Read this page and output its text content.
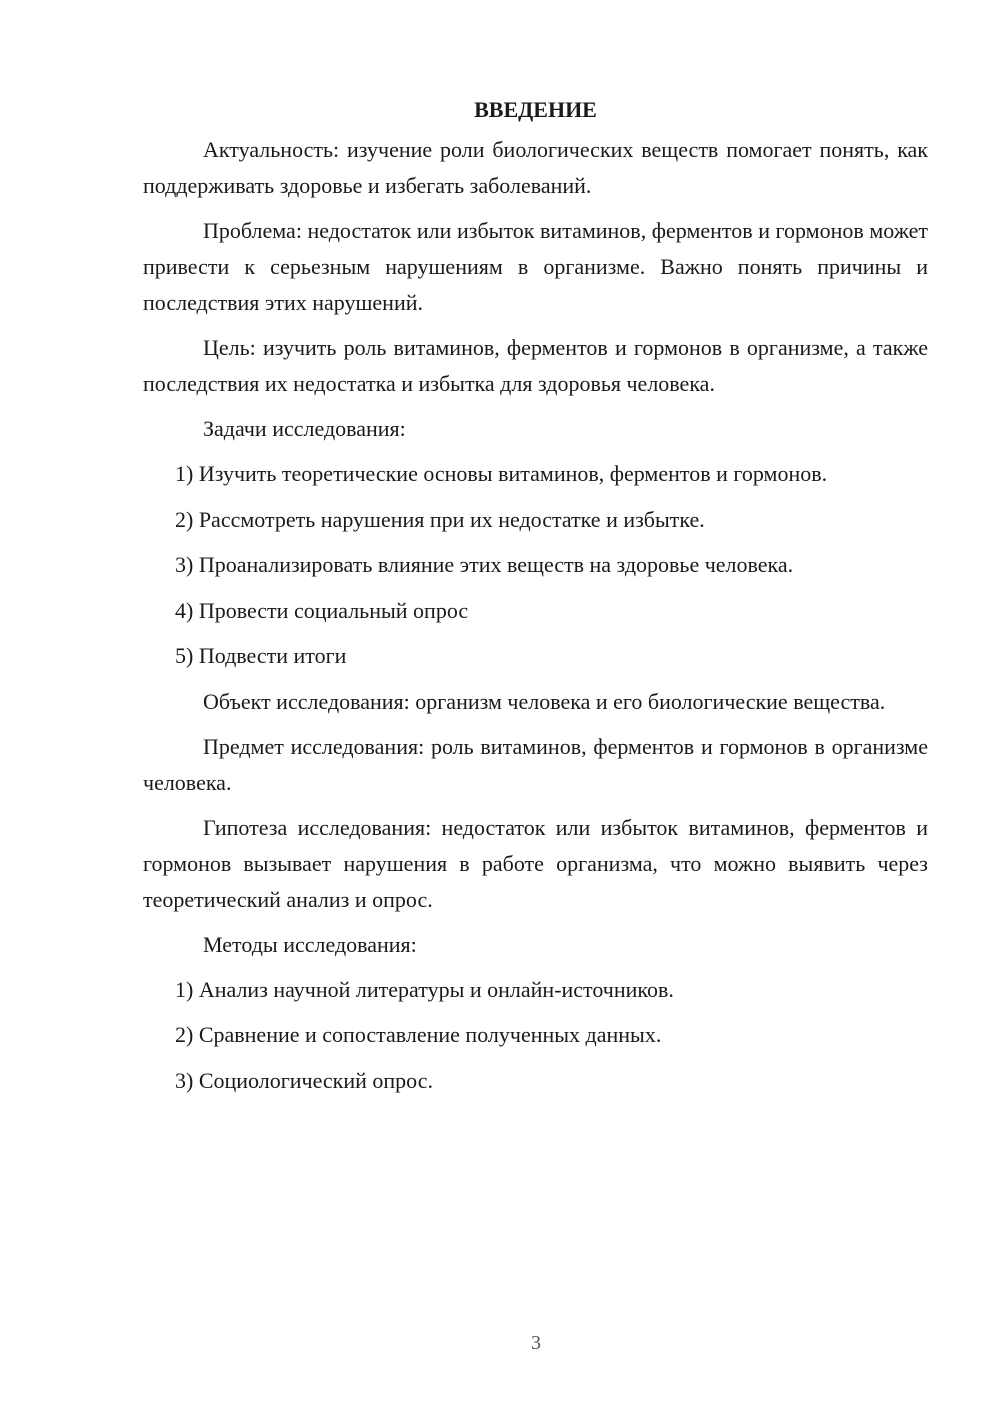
ВВЕДЕНИЕ

Актуальность: изучение роли биологических веществ помогает понять, как поддерживать здоровье и избегать заболеваний.

Проблема: недостаток или избыток витаминов, ферментов и гормонов может привести к серьезным нарушениям в организме. Важно понять причины и последствия этих нарушений.

Цель: изучить роль витаминов, ферментов и гормонов в организме, а также последствия их недостатка и избытка для здоровья человека.

Задачи исследования:

1) Изучить теоретические основы витаминов, ферментов и гормонов.
2) Рассмотреть нарушения при их недостатке и избытке.
3) Проанализировать влияние этих веществ на здоровье человека.
4) Провести социальный опрос
5) Подвести итоги

Объект исследования: организм человека и его биологические вещества.

Предмет исследования: роль витаминов, ферментов и гормонов в организме человека.

Гипотеза исследования: недостаток или избыток витаминов, ферментов и гормонов вызывает нарушения в работе организма, что можно выявить через теоретический анализ и опрос.

Методы исследования:

1) Анализ научной литературы и онлайн-источников.
2) Сравнение и сопоставление полученных данных.
3) Социологический опрос.
3
